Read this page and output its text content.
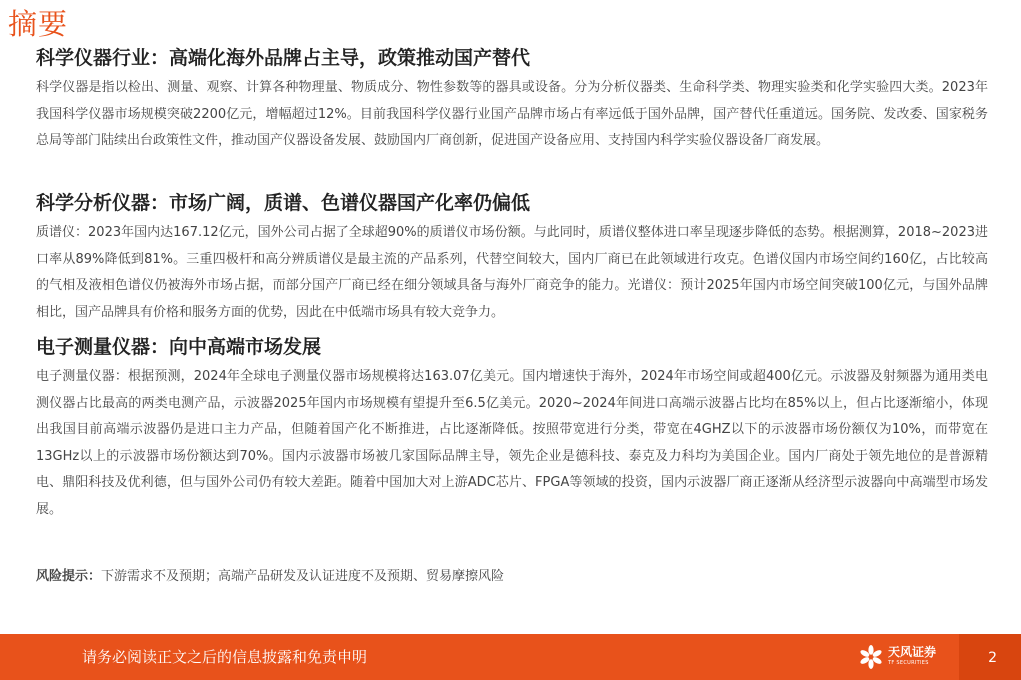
摘要
科学仪器行业：高端化海外品牌占主导，政策推动国产替代

科学仪器是指以检出、测量、观察、计算各种物理量、物质成分、物性参数等的器具或设备。分为分析仪器类、生命科学类、物理实验类和化学实验四大类。2023年我国科学仪器市场规模突破2200亿元，增幅超过12%。目前我国科学仪器行业国产品牌市场占有率远低于国外品牌，国产替代任重道远。国务院、发改委、国家税务总局等部门陆续出台政策性文件，推动国产仪器设备发展、鼓励国内厂商创新，促进国产设备应用、支持国内科学实验仪器设备厂商发展。

科学分析仪器：市场广阔，质谱、色谱仪器国产化率仍偏低

质谱仪：2023年国内达167.12亿元，国外公司占据了全球超90%的质谱仪市场份额。与此同时，质谱仪整体进口率呈现逐步降低的态势。根据测算，2018~2023进口率从89%降低到81%。三重四极杆和高分辨质谱仪是最主流的产品系列，代替空间较大，国内厂商已在此领域进行攻克。色谱仪国内市场空间约160亿，占比较高的气相及液相色谱仪仍被海外市场占据，而部分国产厂商已经在细分领域具备与海外厂商竞争的能力。光谱仪：预计2025年国内市场空间突破100亿元，与国外品牌相比，国产品牌具有价格和服务方面的优势，因此在中低端市场具有较大竞争力。

电子测量仪器：向中高端市场发展

电子测量仪器：根据预测，2024年全球电子测量仪器市场规模将达163.07亿美元。国内增速快于海外，2024年市场空间或超400亿元。示波器及射频器为通用类电测仪器占比最高的两类电测产品，示波器2025年国内市场规模有望提升至6.5亿美元。2020~2024年间进口高端示波器占比均在85%以上，但占比逐渐缩小，体现出我国目前高端示波器仍是进口主力产品，但随着国产化不断推进，占比逐渐降低。按照带宽进行分类，带宽在4GHZ以下的示波器市场份额仅为10%，而带宽在13GHz以上的示波器市场份额达到70%。国内示波器市场被几家国际品牌主导，领先企业是德科技、泰克及力科均为美国企业。国内厂商处于领先地位的是普源精电、鼎阳科技及优利德，但与国外公司仍有较大差距。随着中国加大对上游ADC芯片、FPGA等领域的投资，国内示波器厂商正逐渐从经济型示波器向中高端型市场发展。

风险提示：下游需求不及预期；高端产品研发及认证进度不及预期、贸易摩擦风险

请务必阅读正文之后的信息披露和免责申明	天风证券
TF SECURITIES	2
